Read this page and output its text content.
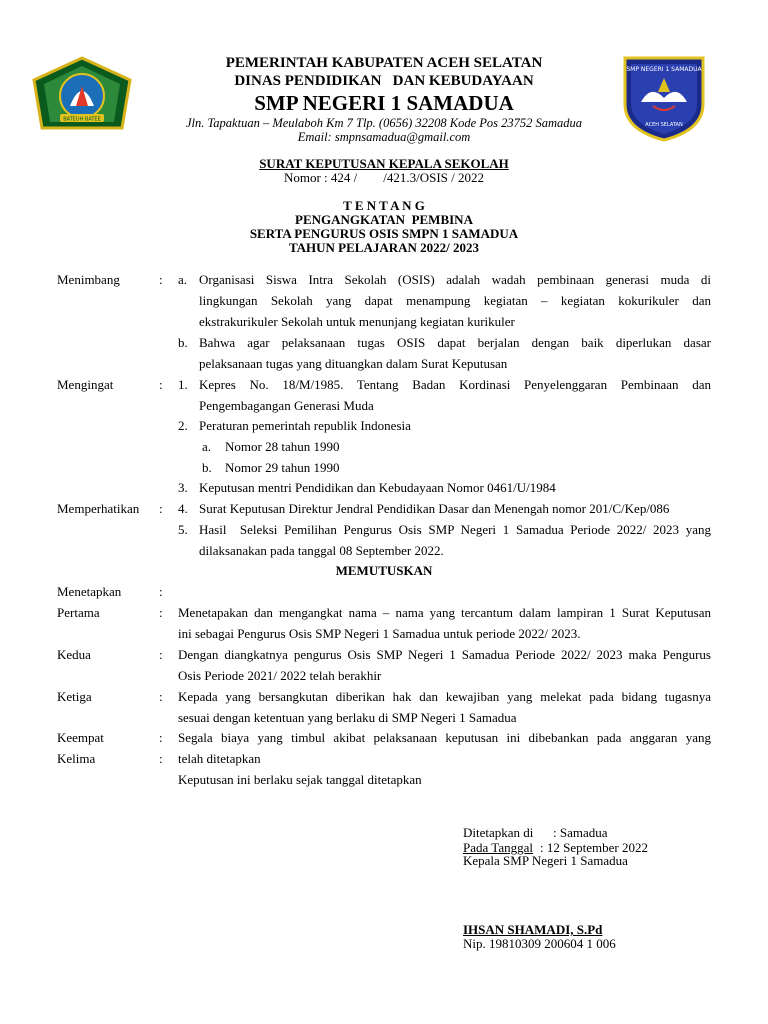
BATEUH BATEE
SMP NEGERI 1 SAMADUA
ACEH SELATAN
PEMERINTAH KABUPATEN ACEH SELATAN
DINAS PENDIDIKAN   DAN KEBUDAYAAN
SMP NEGERI 1 SAMADUA
Jln. Tapaktuan – Meulaboh Km 7 Tlp. (0656) 32208 Kode Pos 23752 Samadua
Email: smpnsamadua@gmail.com
SURAT KEPUTUSAN KEPALA SEKOLAH
Nomor : 424 /        /421.3/OSIS / 2022
T E N T A N G
PENGANGKATAN  PEMBINA
SERTA PENGURUS OSIS SMPN 1 SAMADUA
TAHUN PELAJARAN 2022/ 2023
Menimbang	: a. Organisasi Siswa Intra Sekolah (OSIS) adalah wadah pembinaan generasi muda di
lingkungan Sekolah yang dapat menampung kegiatan – kegiatan kokurikuler dan
ekstrakurikuler Sekolah untuk menunjang kegiatan kurikuler
b. Bahwa agar pelaksanaan tugas OSIS dapat berjalan dengan baik diperlukan dasar
pelaksanaan tugas yang dituangkan dalam Surat Keputusan
Mengingat	: 1. Kepres No. 18/M/1985. Tentang Badan Kordinasi Penyelenggaran Pembinaan dan
Pengembagangan Generasi Muda
2. Peraturan pemerintah republik Indonesia
a. Nomor 28 tahun 1990
b. Nomor 29 tahun 1990
3. Keputusan mentri Pendidikan dan Kebudayaan Nomor 0461/U/1984
Memperhatikan : 4. Surat Keputusan Direktur Jendral Pendidikan Dasar dan Menengah nomor 201/C/Kep/086
5. Hasil  Seleksi Pemilihan Pengurus Osis SMP Negeri 1 Samadua Periode 2022/ 2023 yang
dilaksanakan pada tanggal 08 September 2022.
MEMUTUSKAN
Menetapkan	:
Pertama	: Menetapakan dan mengangkat nama – nama yang tercantum dalam lampiran 1 Surat Keputusan
ini sebagai Pengurus Osis SMP Negeri 1 Samadua untuk periode 2022/ 2023.
Kedua	: Dengan diangkatnya pengurus Osis SMP Negeri 1 Samadua Periode 2022/ 2023 maka Pengurus
Osis Periode 2021/ 2022 telah berakhir
Ketiga	: Kepada yang bersangkutan diberikan hak dan kewajiban yang melekat pada bidang tugasnya
sesuai dengan ketentuan yang berlaku di SMP Negeri 1 Samadua
Keempat	: Segala biaya yang timbul akibat pelaksanaan keputusan ini dibebankan pada anggaran yang
Kelima	: telah ditetapkan
Keputusan ini berlaku sejak tanggal ditetapkan
Ditetapkan di : Samadua
Pada Tanggal : 12 September 2022
Kepala SMP Negeri 1 Samadua
IHSAN SHAMADI, S.Pd
Nip. 19810309 200604 1 006
